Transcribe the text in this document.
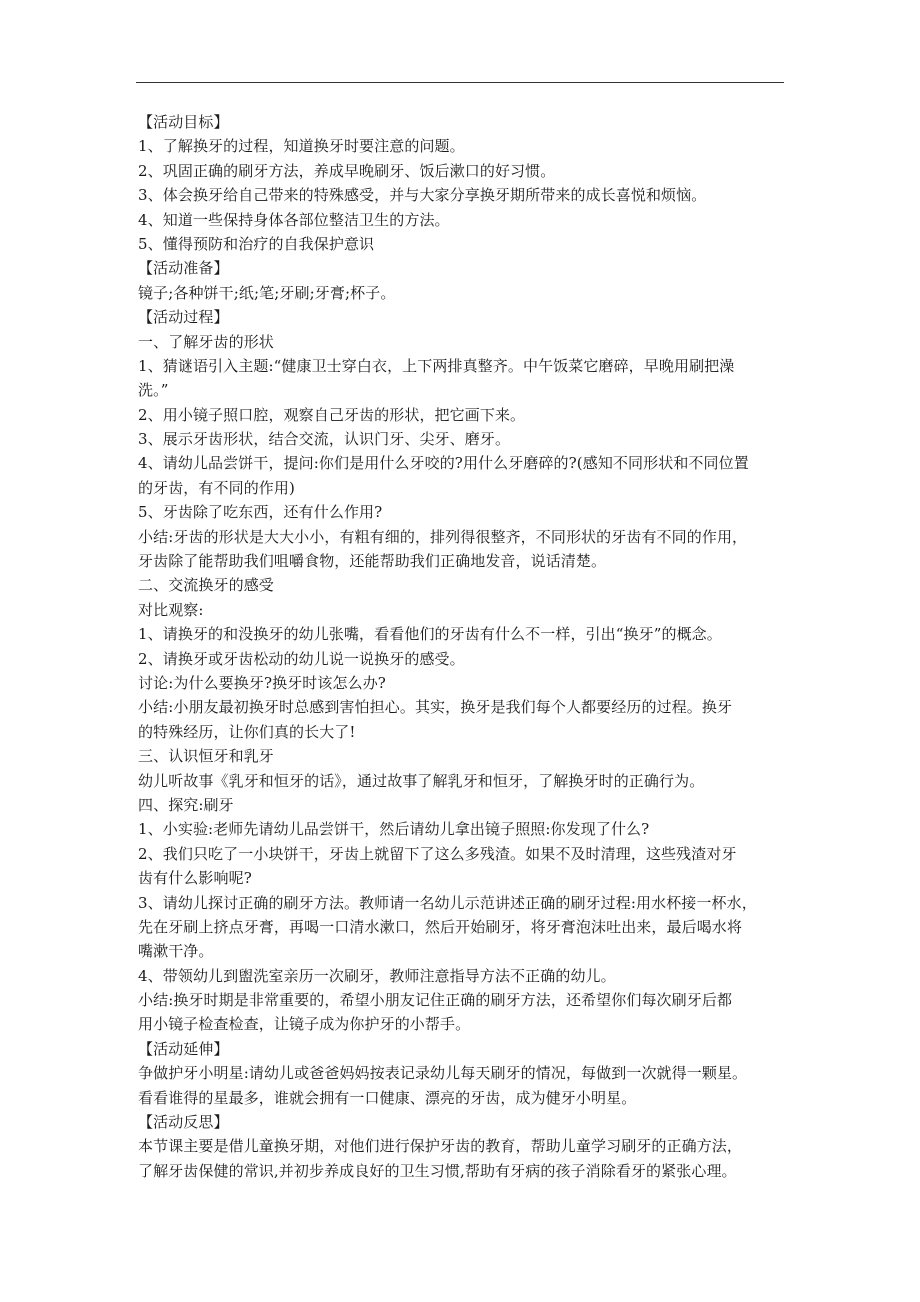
【活动目标】
1、了解换牙的过程，知道换牙时要注意的问题。
2、巩固正确的刷牙方法，养成早晚刷牙、饭后漱口的好习惯。
3、体会换牙给自己带来的特殊感受，并与大家分享换牙期所带来的成长喜悦和烦恼。
4、知道一些保持身体各部位整洁卫生的方法。
5、懂得预防和治疗的自我保护意识
【活动准备】
镜子;各种饼干;纸;笔;牙刷;牙膏;杯子。
【活动过程】
一、了解牙齿的形状
1、猜谜语引入主题:“健康卫士穿白衣，上下两排真整齐。中午饭菜它磨碎，早晚用刷把澡
洗。”
2、用小镜子照口腔，观察自己牙齿的形状，把它画下来。
3、展示牙齿形状，结合交流，认识门牙、尖牙、磨牙。
4、请幼儿品尝饼干，提问:你们是用什么牙咬的?用什么牙磨碎的?(感知不同形状和不同位置
的牙齿，有不同的作用)
5、牙齿除了吃东西，还有什么作用?
小结:牙齿的形状是大大小小，有粗有细的，排列得很整齐，不同形状的牙齿有不同的作用，
牙齿除了能帮助我们咀嚼食物，还能帮助我们正确地发音，说话清楚。
二、交流换牙的感受
对比观察:
1、请换牙的和没换牙的幼儿张嘴，看看他们的牙齿有什么不一样，引出“换牙”的概念。
2、请换牙或牙齿松动的幼儿说一说换牙的感受。
讨论:为什么要换牙?换牙时该怎么办?
小结:小朋友最初换牙时总感到害怕担心。其实，换牙是我们每个人都要经历的过程。换牙
的特殊经历，让你们真的长大了!
三、认识恒牙和乳牙
幼儿听故事《乳牙和恒牙的话》，通过故事了解乳牙和恒牙，了解换牙时的正确行为。
四、探究:刷牙
1、小实验:老师先请幼儿品尝饼干，然后请幼儿拿出镜子照照:你发现了什么?
2、我们只吃了一小块饼干，牙齿上就留下了这么多残渣。如果不及时清理，这些残渣对牙
齿有什么影响呢?
3、请幼儿探讨正确的刷牙方法。教师请一名幼儿示范讲述正确的刷牙过程:用水杯接一杯水，
先在牙刷上挤点牙膏，再喝一口清水漱口，然后开始刷牙，将牙膏泡沫吐出来，最后喝水将
嘴漱干净。
4、带领幼儿到盥洗室亲历一次刷牙，教师注意指导方法不正确的幼儿。
小结:换牙时期是非常重要的，希望小朋友记住正确的刷牙方法，还希望你们每次刷牙后都
用小镜子检查检查，让镜子成为你护牙的小帮手。
【活动延伸】
争做护牙小明星:请幼儿或爸爸妈妈按表记录幼儿每天刷牙的情况，每做到一次就得一颗星。
看看谁得的星最多，谁就会拥有一口健康、漂亮的牙齿，成为健牙小明星。
【活动反思】
本节课主要是借儿童换牙期，对他们进行保护牙齿的教育，帮助儿童学习刷牙的正确方法，
了解牙齿保健的常识,并初步养成良好的卫生习惯,帮助有牙病的孩子消除看牙的紧张心理。
